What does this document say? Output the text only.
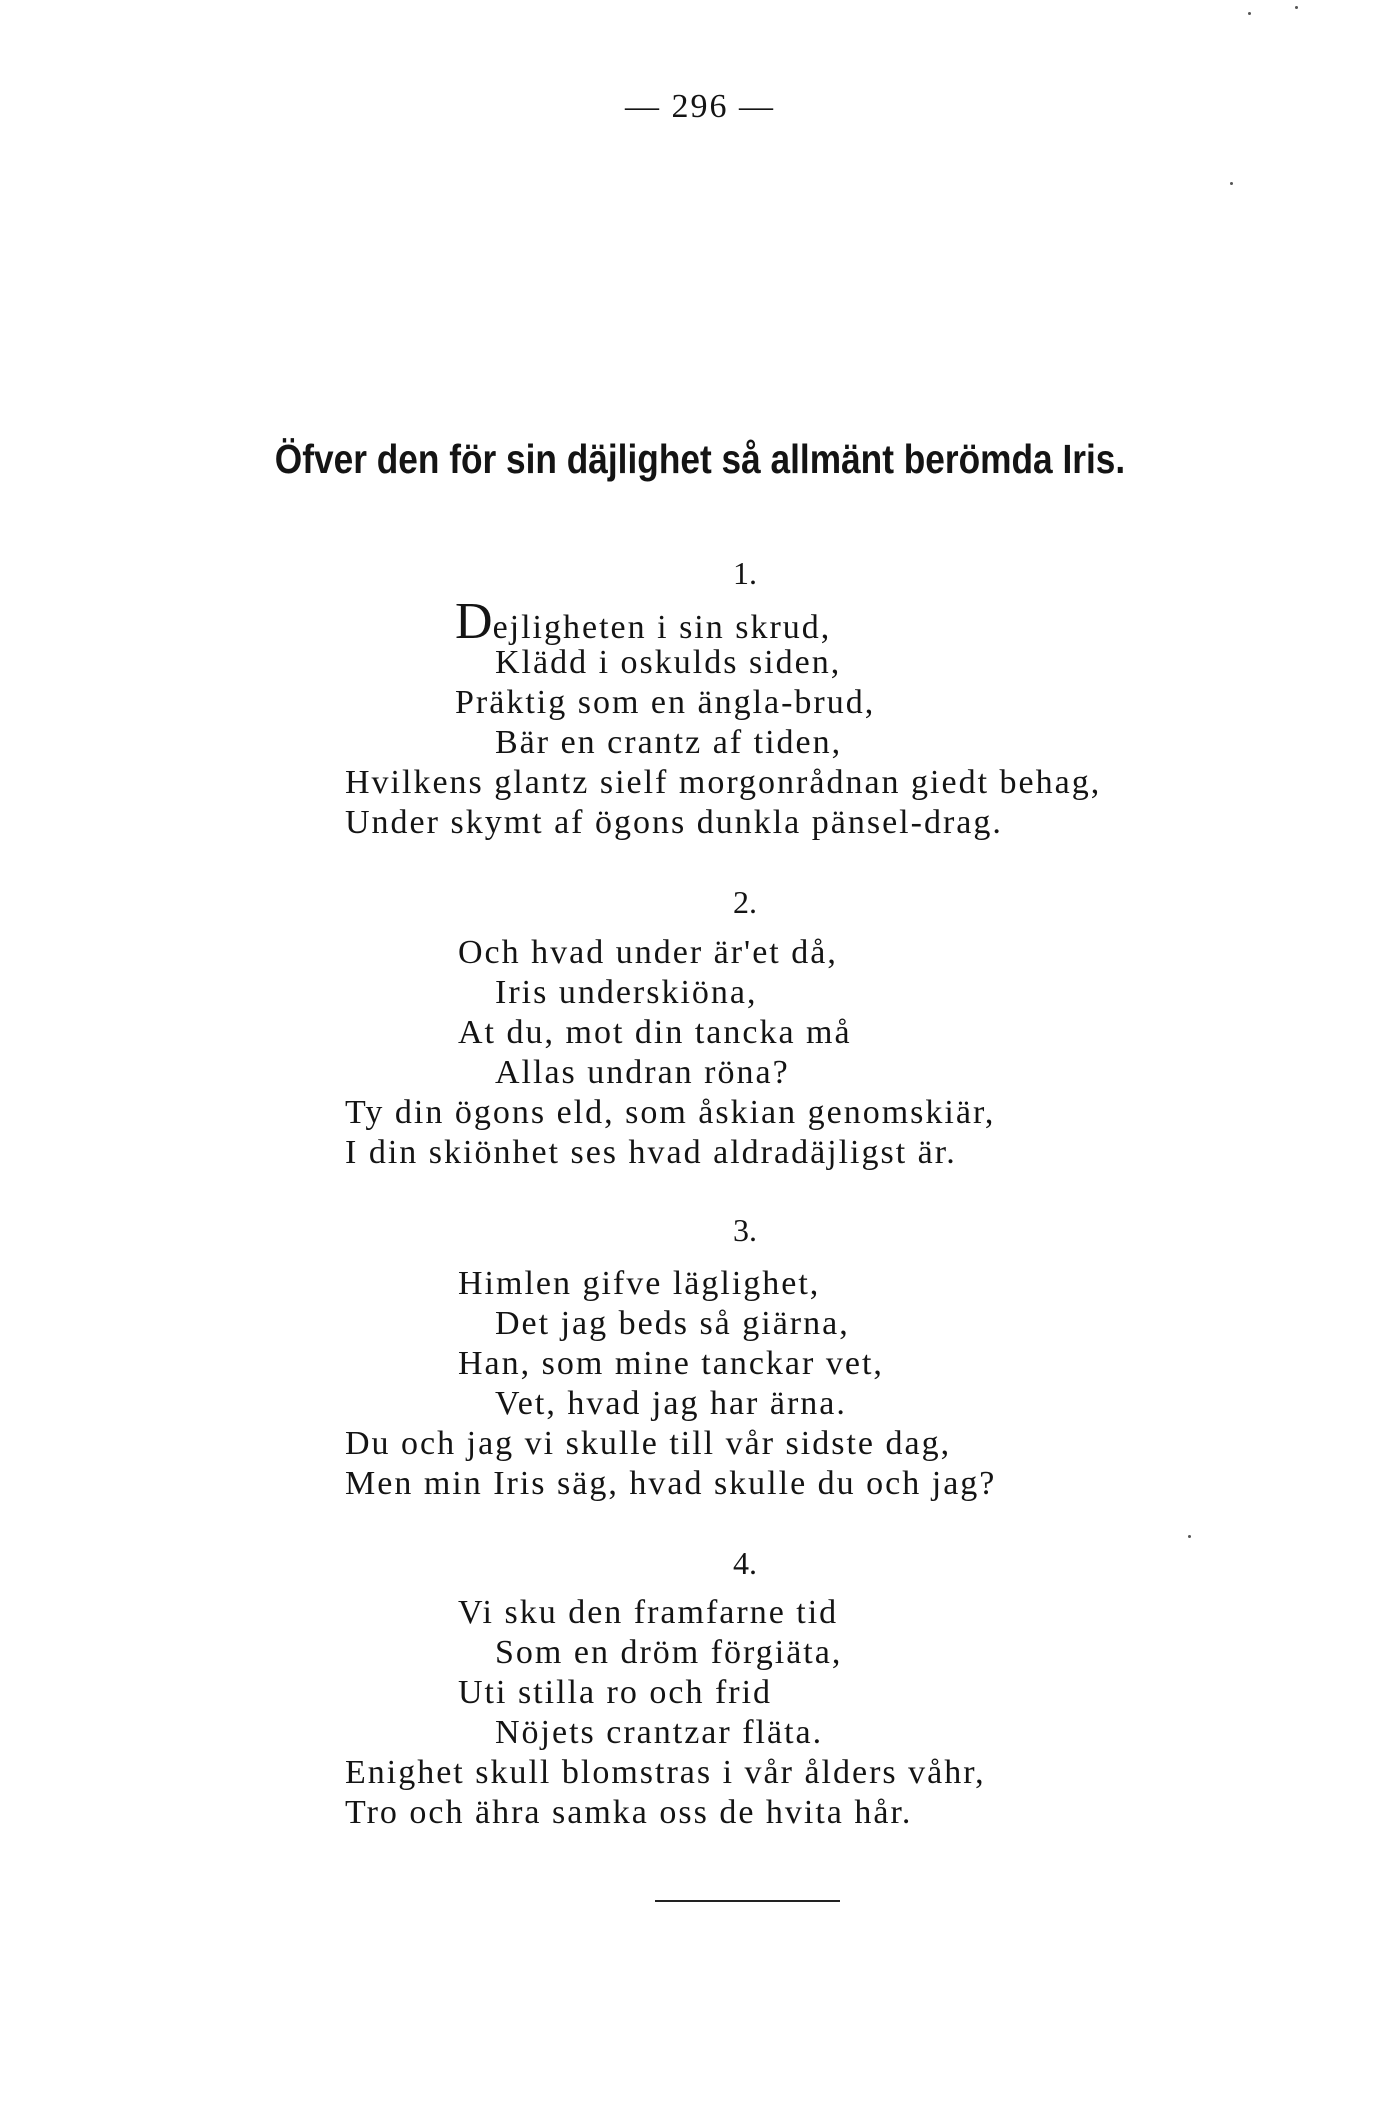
— 296 —
Öfver den för sin däjlighet så allmänt berömda Iris.
1.
Dejligheten i sin skrud,
Klädd i oskulds siden,
Präktig som en ängla-brud,
Bär en crantz af tiden,
Hvilkens glantz sielf morgonrådnan giedt behag,
Under skymt af ögons dunkla pänsel-drag.
2.
Och hvad under är'et då,
Iris underskiöna,
At du, mot din tancka må
Allas undran röna?
Ty din ögons eld, som åskian genomskiär,
I din skiönhet ses hvad aldradäjligst är.
3.
Himlen gifve läglighet,
Det jag beds så giärna,
Han, som mine tanckar vet,
Vet, hvad jag har ärna.
Du och jag vi skulle till vår sidste dag,
Men min Iris säg, hvad skulle du och jag?
4.
Vi sku den framfarne tid
Som en dröm förgiäta,
Uti stilla ro och frid
Nöjets crantzar fläta.
Enighet skull blomstras i vår ålders våhr,
Tro och ähra samka oss de hvita hår.
